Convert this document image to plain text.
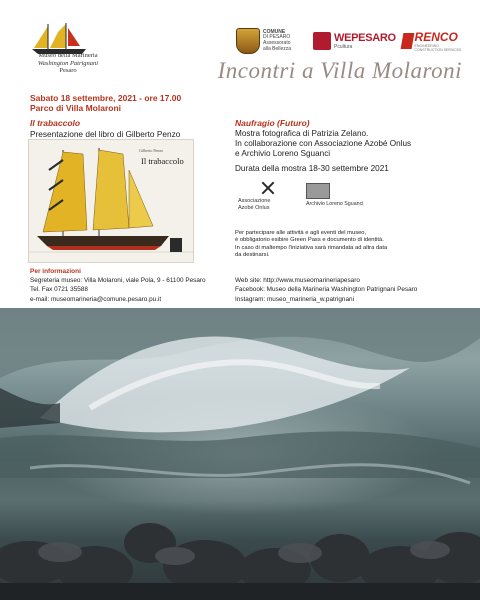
Museo della Marineria
Washington Patrignani
Pesaro
COMUNE
DI PESARO
Assessorato
alla Bellezza
WEPESARO
Pcultura
RENCO
ENGINEERING CONSTRUCTION SERVICES
Incontri a Villa Molaroni
Sabato 18 settembre, 2021 - ore 17.00
Parco di Villa Molaroni
Il trabaccolo
Presentazione del libro di Gilberto Penzo
Gilberto Penzo
Il trabaccolo
Per informazioni
Segreteria museo: Villa Molaroni, viale Pola, 9 - 61100 Pesaro
Tel. Fax 0721 35588
e-mail: museomarineria@comune.pesaro.pu.it
Naufragio (Futuro)
Mostra fotografica di Patrizia Zelano.
In collaborazione con Associazione Azobé Onlus
e Archivio Loreno Sguanci
Durata della mostra 18-30 settembre 2021
Associazione
Azobé Onlus
Archivio Loreno Sguanci
Per partecipare alle attività e agli eventi del museo,
è obbligatorio esibire Green Pass e documento di identità.
In caso di maltempo l'iniziativa sarà rimandata ad altra data
da destinarsi.
Web site: http://www.museomarineriapesaro
Facebook: Museo della Marineria Washington Patrignani Pesaro
Instagram: museo_marineria_w.patrignani
